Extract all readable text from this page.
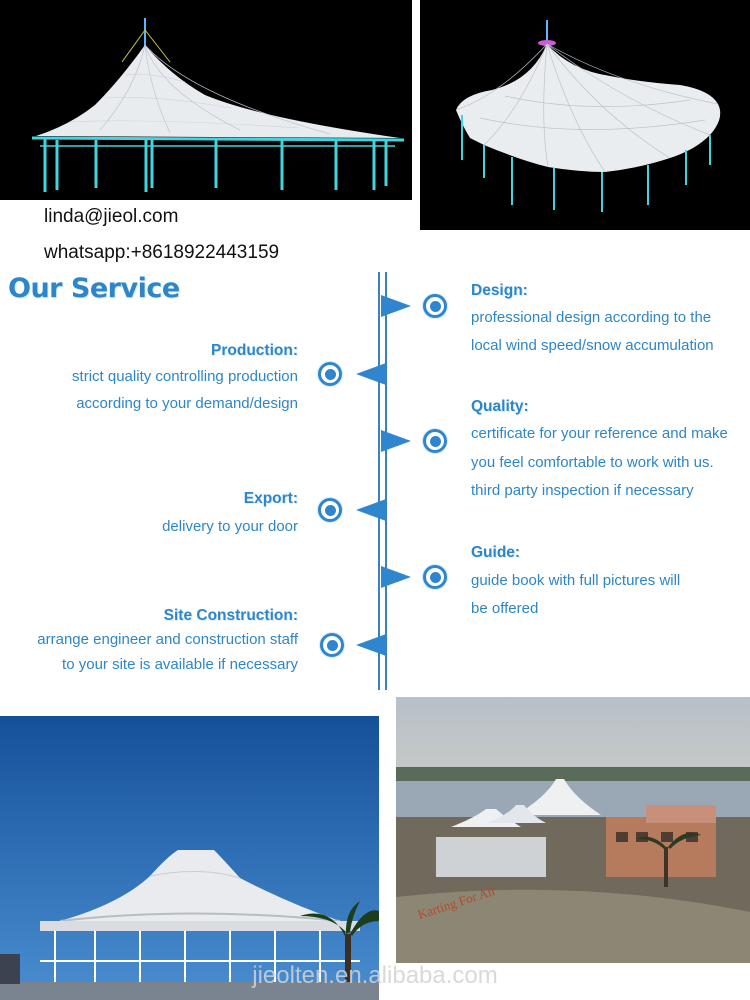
linda@jieol.com
whatsapp:+8618922443159
Our Service	Design:
professional design according to the
local wind speed/snow accumulation
Production:
strict quality controlling production
according to your demand/design	Quality:
certificate for your reference and make
you feel comfortable to work with us.
third party inspection if necessary
Export:
delivery to your door
Guide:
guide book with full pictures will
be offered
Site Construction:
arrange engineer and construction staff
to your site is available if necessary
Karting For All
jieolten.en.alibaba.com
